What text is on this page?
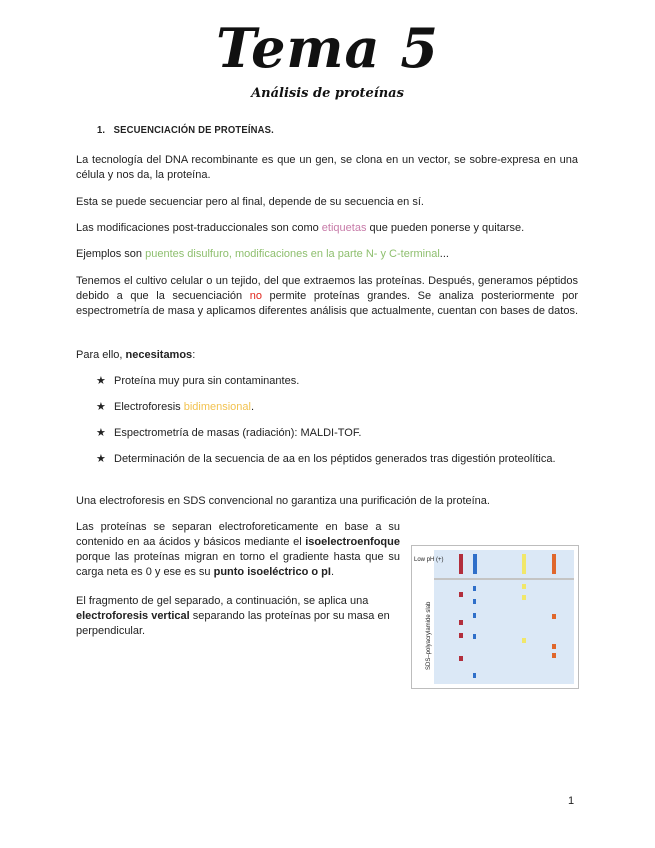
Tema 5
Análisis de proteínas
1. SECUENCIACIÓN DE PROTEÍNAS.
La tecnología del DNA recombinante es que un gen, se clona en un vector, se sobre-expresa en una célula y nos da, la proteína.
Esta se puede secuenciar pero al final, depende de su secuencia en sí.
Las modificaciones post-traduccionales son como etiquetas que pueden ponerse y quitarse.
Ejemplos son puentes disulfuro, modificaciones en la parte N- y C-terminal...
Tenemos el cultivo celular o un tejido, del que extraemos las proteínas. Después, generamos péptidos debido a que la secuenciación no permite proteínas grandes. Se analiza posteriormente por espectrometría de masa y aplicamos diferentes análisis que actualmente, cuentan con bases de datos.
Para ello, necesitamos:
★ Proteína muy pura sin contaminantes.
★ Electroforesis bidimensional.
★ Espectrometría de masas (radiación): MALDI-TOF.
★ Determinación de la secuencia de aa en los péptidos generados tras digestión proteolítica.
Una electroforesis en SDS convencional no garantiza una purificación de la proteína.
Las proteínas se separan electroforeticamente en base a su contenido en aa ácidos y básicos mediante el isoelectroenfoque porque las proteínas migran en torno el gradiente hasta que su carga neta es 0 y ese es su punto isoeléctrico o pI.
El fragmento de gel separado, a continuación, se aplica una electroforesis vertical separando las proteínas por su masa en perpendicular.
Low pH (+)
SDS–polyacrylamide slab
1
